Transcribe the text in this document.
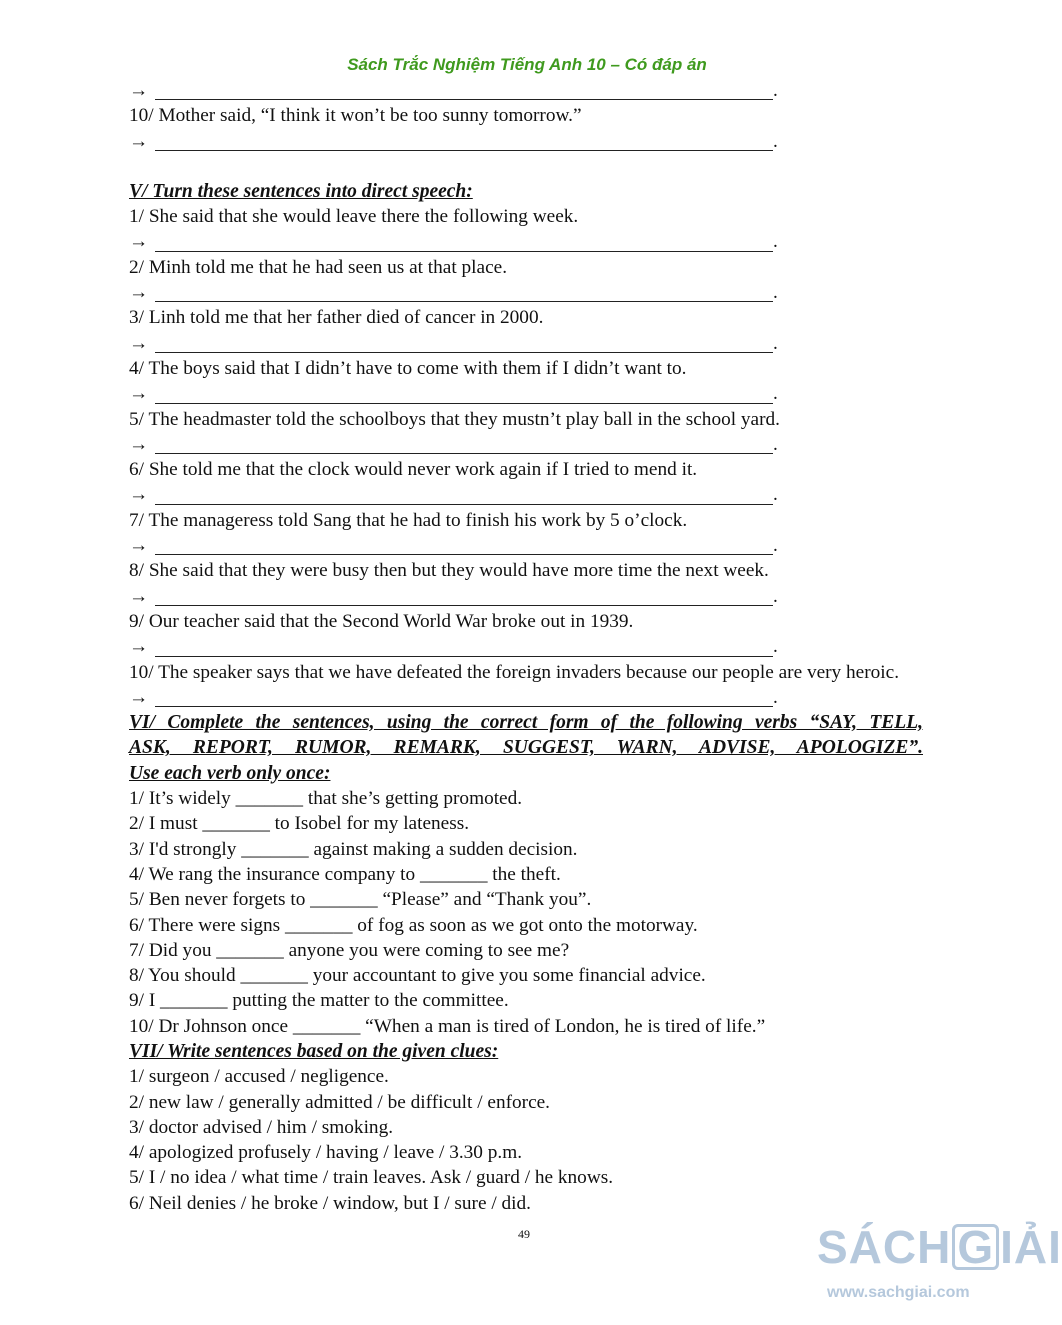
Sách Trắc Nghiệm Tiếng Anh 10 – Có đáp án
→	.
10/ Mother said, “I think it won’t be too sunny tomorrow.”
→	.
V/ Turn these sentences into direct speech:
1/ She said that she would leave there the following week.
→	.
2/ Minh told me that he had seen us at that place.
→	.
3/ Linh told me that her father died of cancer in 2000.
→	.
4/ The boys said that I didn’t have to come with them if I didn’t want to.
→	.
5/ The headmaster told the schoolboys that they mustn’t play ball in the school yard.
→	.
6/ She told me that the clock would never work again if I tried to mend it.
→	.
7/ The manageress told Sang that he had to finish his work by 5 o’clock.
→	.
8/ She said that they were busy then but they would have more time the next week.
→	.
9/ Our teacher said that the Second World War broke out in 1939.
→	.
10/ The speaker says that we have defeated the foreign invaders because our people are very heroic.
→	.
VI/ Complete the sentences, using the correct form of the following verbs “SAY, TELL,
ASK, REPORT, RUMOR, REMARK, SUGGEST, WARN, ADVISE, APOLOGIZE”.
Use each verb only once:
1/ It’s widely _______ that she’s getting promoted.
2/ I must _______ to Isobel for my lateness.
3/ I'd strongly _______ against making a sudden decision.
4/ We rang the insurance company to _______ the theft.
5/ Ben never forgets to _______ “Please” and “Thank you”.
6/ There were signs _______ of fog as soon as we got onto the motorway.
7/ Did you _______ anyone you were coming to see me?
8/ You should _______ your accountant to give you some financial advice.
9/ I _______ putting the matter to the committee.
10/ Dr Johnson once _______ “When a man is tired of London, he is tired of life.”
VII/ Write sentences based on the given clues:
1/ surgeon / accused / negligence.
2/ new law / generally admitted / be difficult / enforce.
3/ doctor advised / him / smoking.
4/ apologized profusely / having / leave / 3.30 p.m.
5/ I / no idea / what time / train leaves. Ask / guard / he knows.
6/ Neil denies / he broke / window, but I / sure / did.
49	SÁCH G IẢI
www.sachgiai.com
